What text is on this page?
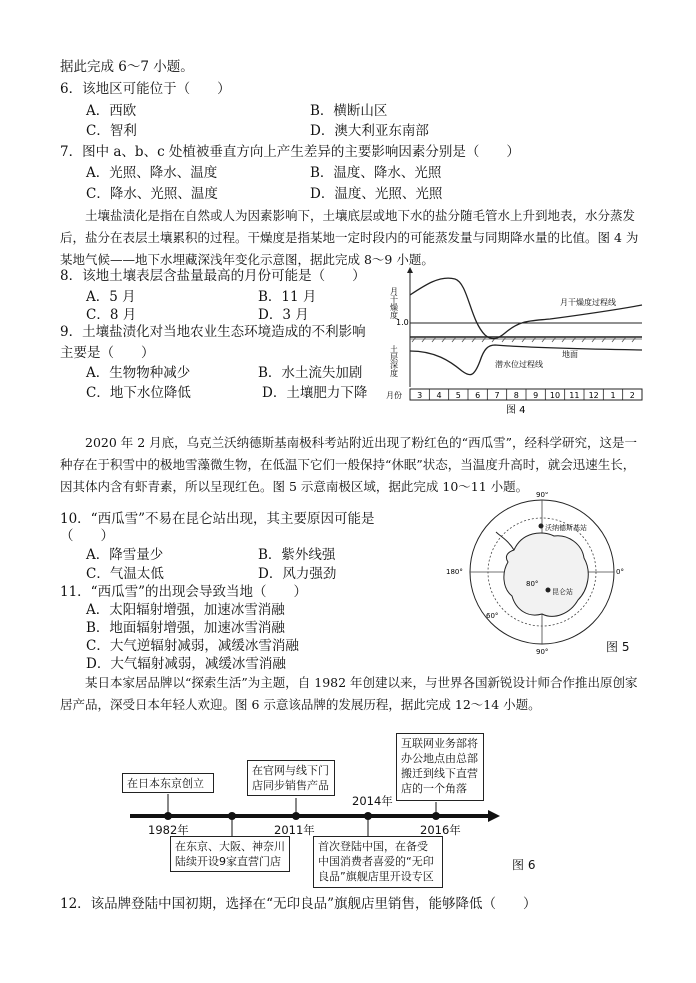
据此完成 6～7 小题。
6．该地区可能位于（　　）
A．西欧	B．横断山区
C．智利	D．澳大利亚东南部
7．图中 a、b、c 处植被垂直方向上产生差异的主要影响因素分别是（　　）
A．光照、降水、温度	B．温度、降水、光照
C．降水、光照、温度	D．温度、光照、光照
土壤盐渍化是指在自然或人为因素影响下，土壤底层或地下水的盐分随毛管水上升到地表，水分蒸发后，盐分在表层土壤累积的过程。干燥度是指某地一定时段内的可能蒸发量与同期降水量的比值。图 4 为某地气候——地下水埋藏深浅年变化示意图，据此完成 8～9 小题。
8．该地土壤表层含盐量最高的月份可能是（　　）
A．5 月	B．11 月
C．8 月	D．3 月
9．土壤盐渍化对当地农业生态环境造成的不利影响
主要是（　　）
A．生物物种减少	B．水土流失加剧
C．地下水位降低	D．土壤肥力下降
月干燥度
1.0
土层深度
月干燥度过程线
地面
潜水位过程线
月份 3 4 5 6 7 8 9 10 11 12 1 2
图 4
2020 年 2 月底，乌克兰沃纳德斯基南极科考站附近出现了粉红色的“西瓜雪”，经科学研究，这是一种存在于积雪中的极地雪藻微生物，在低温下它们一般保持“休眠”状态，当温度升高时，就会迅速生长，因其体内含有虾青素，所以呈现红色。图 5 示意南极区域，据此完成 10～11 小题。
10．“西瓜雪”不易在昆仑站出现，其主要原因可能是
（　　）
A．降雪量少	B．紫外线强
C．气温太低	D．风力强劲
11．“西瓜雪”的出现会导致当地（　　）
A．太阳辐射增强，加速冰雪消融
B．地面辐射增强，加速冰雪消融
C．大气逆辐射减弱，减缓冰雪消融
D．大气辐射减弱，减缓冰雪消融
90°
90°
180°	0°
80°
60°
沃纳德斯基站
昆仑站
图 5
某日本家居品牌以“探索生活”为主题，自 1982 年创建以来，与世界各国新锐设计师合作推出原创家居产品，深受日本年轻人欢迎。图 6 示意该品牌的发展历程，据此完成 12～14 小题。
在日本东京创立
在官网与线下门店同步销售产品
互联网业务部将办公地点由总部搬迁到线下直营店的一个角落
在东京、大阪、神奈川陆续开设9家直营门店
首次登陆中国，在备受中国消费者喜爱的“无印良品”旗舰店里开设专区
1982年	2011年
2014年
2016年
图 6
12．该品牌登陆中国初期，选择在“无印良品”旗舰店里销售，能够降低（　　）
